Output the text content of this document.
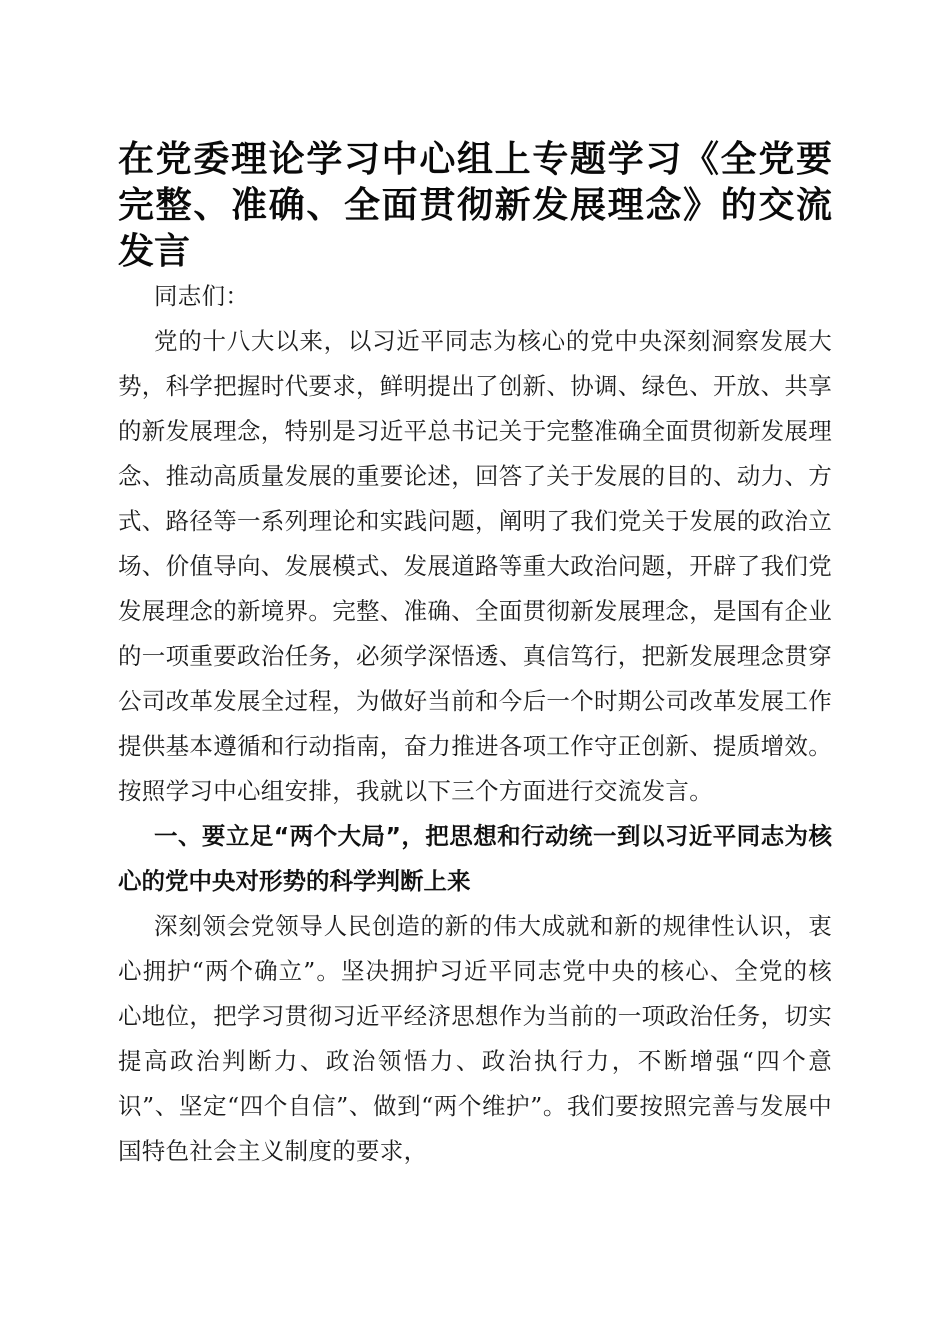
在党委理论学习中心组上专题学习《全党要完整、准确、全面贯彻新发展理念》的交流发言

同志们：

党的十八大以来，以习近平同志为核心的党中央深刻洞察发展大势，科学把握时代要求，鲜明提出了创新、协调、绿色、开放、共享的新发展理念，特别是习近平总书记关于完整准确全面贯彻新发展理念、推动高质量发展的重要论述，回答了关于发展的目的、动力、方式、路径等一系列理论和实践问题，阐明了我们党关于发展的政治立场、价值导向、发展模式、发展道路等重大政治问题，开辟了我们党发展理念的新境界。完整、准确、全面贯彻新发展理念，是国有企业的一项重要政治任务，必须学深悟透、真信笃行，把新发展理念贯穿公司改革发展全过程，为做好当前和今后一个时期公司改革发展工作提供基本遵循和行动指南，奋力推进各项工作守正创新、提质增效。按照学习中心组安排，我就以下三个方面进行交流发言。

一、要立足“两个大局”，把思想和行动统一到以习近平同志为核心的党中央对形势的科学判断上来

深刻领会党领导人民创造的新的伟大成就和新的规律性认识，衷心拥护“两个确立”。坚决拥护习近平同志党中央的核心、全党的核心地位，把学习贯彻习近平经济思想作为当前的一项政治任务，切实提高政治判断力、政治领悟力、政治执行力，不断增强“四个意识”、坚定“四个自信”、做到“两个维护”。我们要按照完善与发展中国特色社会主义制度的要求，
